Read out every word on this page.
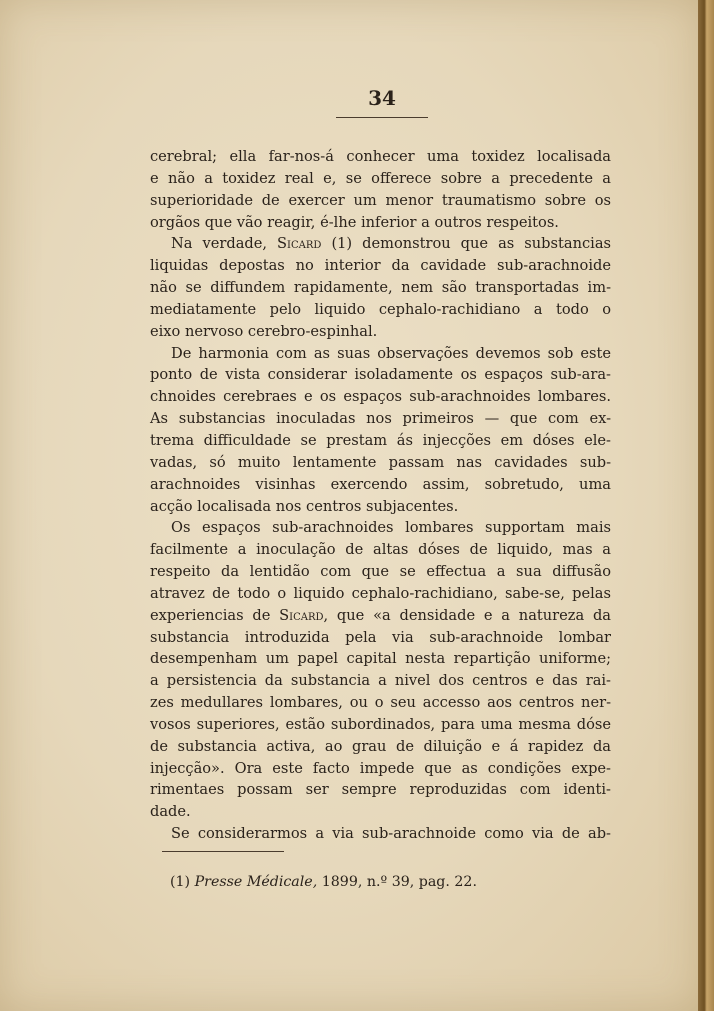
34
cerebral; ella far-nos-á conhecer uma toxidez localisada
e não a toxidez real e, se offerece sobre a precedente a
superioridade de exercer um menor traumatismo sobre os
orgãos que vão reagir, é-lhe inferior a outros respeitos.
Na verdade, Sicard (1) demonstrou que as substancias
liquidas depostas no interior da cavidade sub-arachnoide
não se diffundem rapidamente, nem são transportadas im-
mediatamente pelo liquido cephalo-rachidiano a todo o
eixo nervoso cerebro-espinhal.
De harmonia com as suas observações devemos sob este
ponto de vista considerar isoladamente os espaços sub-ara-
chnoides cerebraes e os espaços sub-arachnoides lombares.
As substancias inoculadas nos primeiros — que com ex-
trema difficuldade se prestam ás injecções em dóses ele-
vadas, só muito lentamente passam nas cavidades sub-
arachnoides visinhas exercendo assim, sobretudo, uma
acção localisada nos centros subjacentes.
Os espaços sub-arachnoides lombares supportam mais
facilmente a inoculação de altas dóses de liquido, mas a
respeito da lentidão com que se effectua a sua diffusão
atravez de todo o liquido cephalo-rachidiano, sabe-se, pelas
experiencias de Sicard, que «a densidade e a natureza da
substancia introduzida pela via sub-arachnoide lombar
desempenham um papel capital nesta repartição uniforme;
a persistencia da substancia a nivel dos centros e das rai-
zes medullares lombares, ou o seu accesso aos centros ner-
vosos superiores, estão subordinados, para uma mesma dóse
de substancia activa, ao grau de diluição e á rapidez da
injecção». Ora este facto impede que as condições expe-
rimentaes possam ser sempre reproduzidas com identi-
dade.
Se considerarmos a via sub-arachnoide como via de ab-
(1) Presse Médicale, 1899, n.º 39, pag. 22.
